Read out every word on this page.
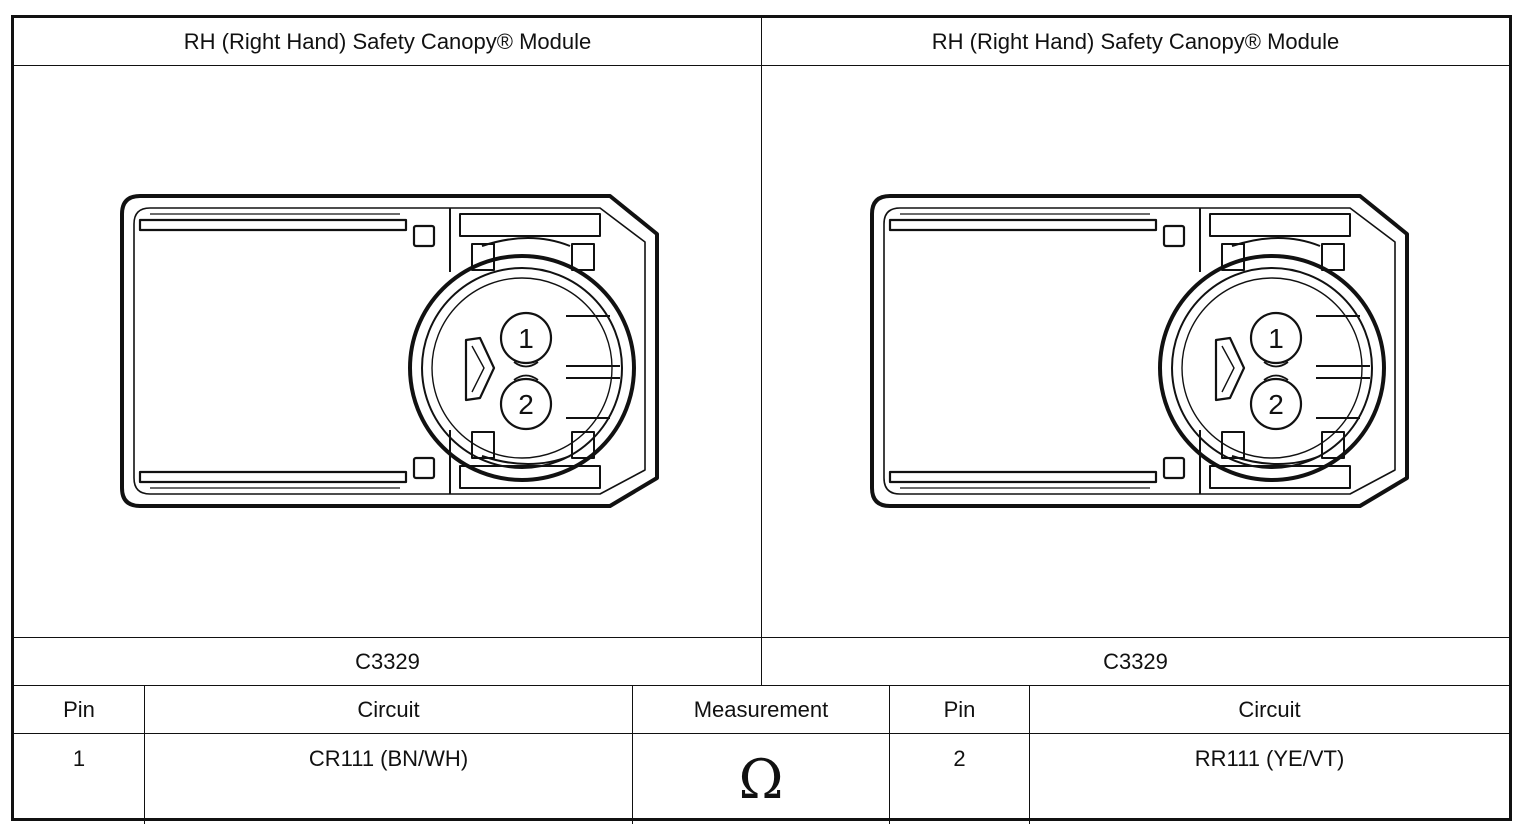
RH (Right Hand) Safety Canopy® Module	RH (Right Hand) Safety Canopy® Module
1
2
1
2
C3329	C3329
Pin	Circuit	Measurement	Pin	Circuit
1	CR111 (BN/WH)	Ω	2	RR111 (YE/VT)
